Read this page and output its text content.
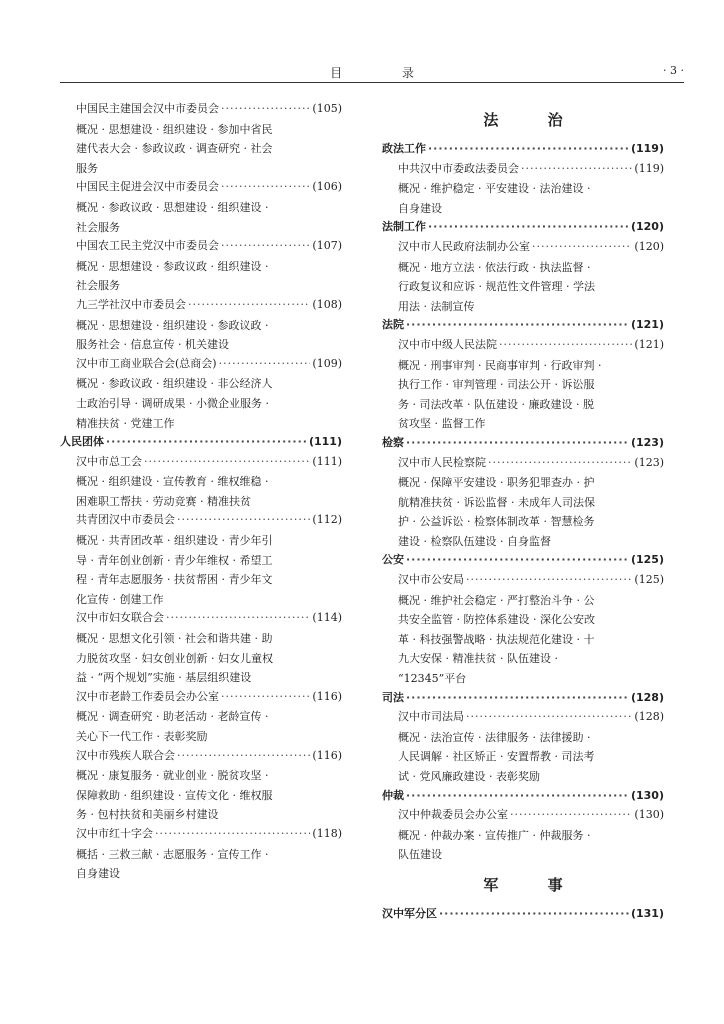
目 录	· 3 ·
中国民主建国会汉中市委员会 ·····	(105)
概况 · 思想建设 · 组织建设 · 参加中省民
建代表大会 · 参政议政 · 调查研究 · 社会
服务
中国民主促进会汉中市委员会 ·····	(106)
概况 · 参政议政 · 思想建设 · 组织建设 ·
社会服务
中国农工民主党汉中市委员会 ·····	(107)
概况 · 思想建设 · 参政议政 · 组织建设 ·
社会服务
九三学社汉中市委员会 ·····	(108)
概况 · 思想建设 · 组织建设 · 参政议政 ·
服务社会 · 信息宣传 · 机关建设
汉中市工商业联合会(总商会) ·····	(109)
概况 · 参政议政 · 组织建设 · 非公经济人
士政治引导 · 调研成果 · 小微企业服务 ·
精准扶贫 · 党建工作
人民团体 ·····	(111)
汉中市总工会 ·····	(111)
概况 · 组织建设 · 宣传教育 · 维权维稳 ·
困难职工帮扶 · 劳动竞赛 · 精准扶贫
共青团汉中市委员会 ·····	(112)
概况 · 共青团改革 · 组织建设 · 青少年引
导 · 青年创业创新 · 青少年维权 · 希望工
程 · 青年志愿服务 · 扶贫帮困 · 青少年文
化宣传 · 创建工作
汉中市妇女联合会 ·····	(114)
概况 · 思想文化引领 · 社会和谐共建 · 助
力脱贫攻坚 · 妇女创业创新 · 妇女儿童权
益 · “两个规划”实施 · 基层组织建设
汉中市老龄工作委员会办公室 ·····	(116)
概况 · 调查研究 · 助老活动 · 老龄宣传 ·
关心下一代工作 · 表彰奖励
汉中市残疾人联合会 ·····	(116)
概况 · 康复服务 · 就业创业 · 脱贫攻坚 ·
保障救助 · 组织建设 · 宣传文化 · 维权服
务 · 包村扶贫和美丽乡村建设
汉中市红十字会 ·····	(118)
概括 · 三救三献 · 志愿服务 · 宣传工作 ·
自身建设
法 治
政法工作 ·····	(119)
中共汉中市委政法委员会 ·····	(119)
概况 · 维护稳定 · 平安建设 · 法治建设 ·
自身建设
法制工作 ·····	(120)
汉中市人民政府法制办公室 ·····	(120)
概况 · 地方立法 · 依法行政 · 执法监督 ·
行政复议和应诉 · 规范性文件管理 · 学法
用法 · 法制宣传
法院 ·····	(121)
汉中市中级人民法院 ·····	(121)
概况 · 刑事审判 · 民商事审判 · 行政审判 ·
执行工作 · 审判管理 · 司法公开 · 诉讼服
务 · 司法改革 · 队伍建设 · 廉政建设 · 脱
贫攻坚 · 监督工作
检察 ·····	(123)
汉中市人民检察院 ·····	(123)
概况 · 保障平安建设 · 职务犯罪查办 · 护
航精准扶贫 · 诉讼监督 · 未成年人司法保
护 · 公益诉讼 · 检察体制改革 · 智慧检务
建设 · 检察队伍建设 · 自身监督
公安 ·····	(125)
汉中市公安局 ·····	(125)
概况 · 维护社会稳定 · 严打整治斗争 · 公
共安全监管 · 防控体系建设 · 深化公安改
革 · 科技强警战略 · 执法规范化建设 · 十
九大安保 · 精准扶贫 · 队伍建设 ·
“12345”平台
司法 ·····	(128)
汉中市司法局 ·····	(128)
概况 · 法治宣传 · 法律服务 · 法律援助 ·
人民调解 · 社区矫正 · 安置帮教 · 司法考
试 · 党风廉政建设 · 表彰奖励
仲裁 ·····	(130)
汉中仲裁委员会办公室 ·····	(130)
概况 · 仲裁办案 · 宣传推广 · 仲裁服务 ·
队伍建设
军 事
汉中军分区 ·····	(131)
